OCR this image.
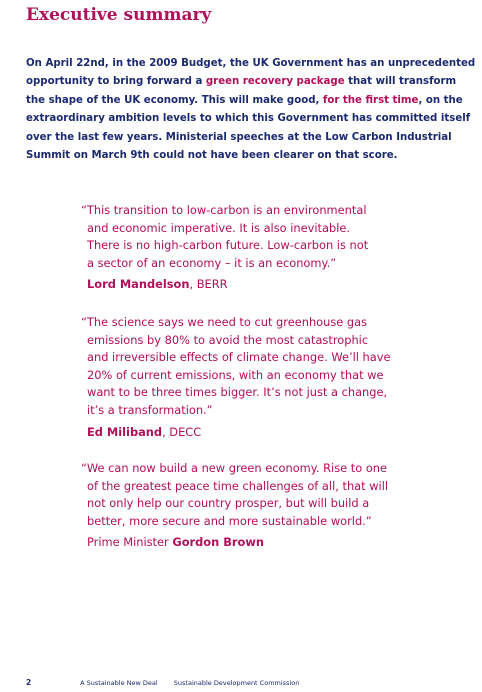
Executive summary

On April 22nd, in the 2009 Budget, the UK Government has an unprecedented
opportunity to bring forward a green recovery package that will transform
the shape of the UK economy. This will make good, for the first time, on the
extraordinary ambition levels to which this Government has committed itself
over the last few years. Ministerial speeches at the Low Carbon Industrial
Summit on March 9th could not have been clearer on that score.

“This transition to low-carbon is an environmental
and economic imperative. It is also inevitable.
There is no high-carbon future. Low-carbon is not
a sector of an economy – it is an economy.”
Lord Mandelson, BERR
“The science says we need to cut greenhouse gas
emissions by 80% to avoid the most catastrophic
and irreversible effects of climate change. We’ll have
20% of current emissions, with an economy that we
want to be three times bigger. It’s not just a change,
it’s a transformation.”
Ed Miliband, DECC
“We can now build a new green economy. Rise to one
of the greatest peace time challenges of all, that will
not only help our country prosper, but will build a
better, more secure and more sustainable world.”
Prime Minister Gordon Brown
2	A Sustainable New Deal Sustainable Development Commission
